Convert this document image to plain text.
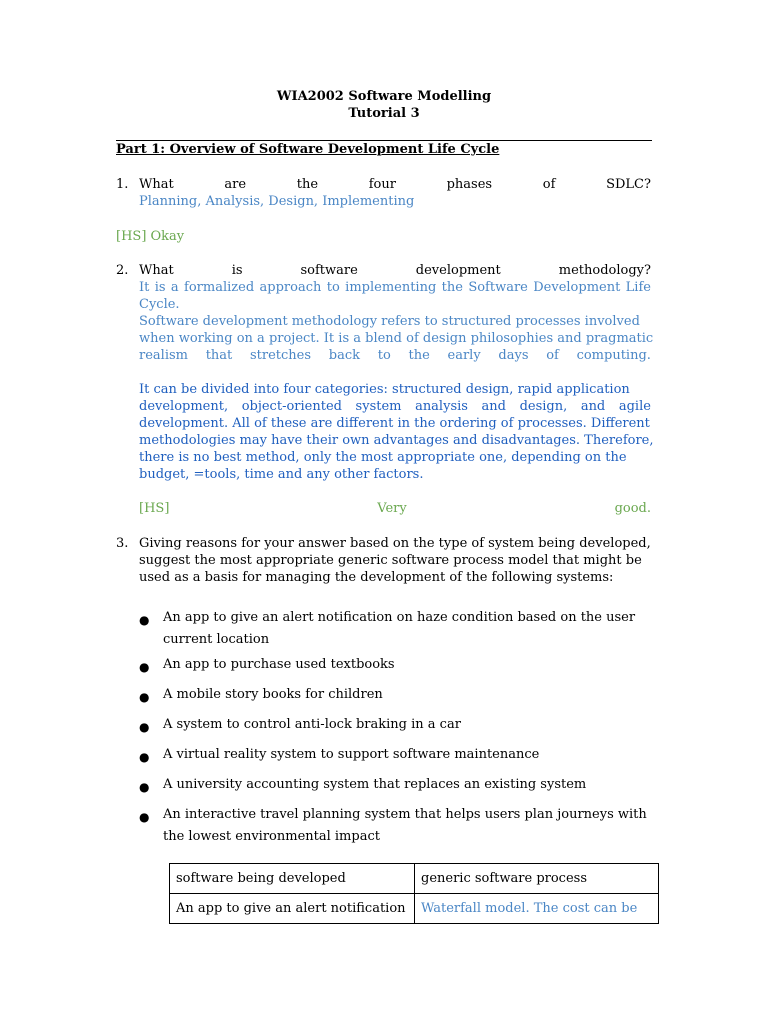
WIA2002 Software Modelling
Tutorial 3
Part 1: Overview of Software Development Life Cycle
1. What	are	the	four	phases	of	SDLC?
Planning, Analysis, Design, Implementing
[HS] Okay
2. What	is	software	development	methodology?
It is a formalized approach to implementing the Software Development Life
Cycle.
Software development methodology refers to structured processes involved
when working on a project. It is a blend of design philosophies and pragmatic
realism that stretches back to the early days of computing.
It can be divided into four categories: structured design, rapid application
development, object-oriented system analysis and design, and agile
development. All of these are different in the ordering of processes. Different
methodologies may have their own advantages and disadvantages. Therefore,
there is no best method, only the most appropriate one, depending on the
budget, =tools, time and any other factors.
[HS]	Very	good.
3. Giving reasons for your answer based on the type of system being developed,
suggest the most appropriate generic software process model that might be
used as a basis for managing the development of the following systems:
● An app to give an alert notification on haze condition based on the user current location
● An app to purchase used textbooks
● A mobile story books for children
● A system to control anti-lock braking in a car
● A virtual reality system to support software maintenance
● A university accounting system that replaces an existing system
● An interactive travel planning system that helps users plan journeys with the lowest environmental impact
software being developed	generic software process
An app to give an alert notification	Waterfall model. The cost can be
